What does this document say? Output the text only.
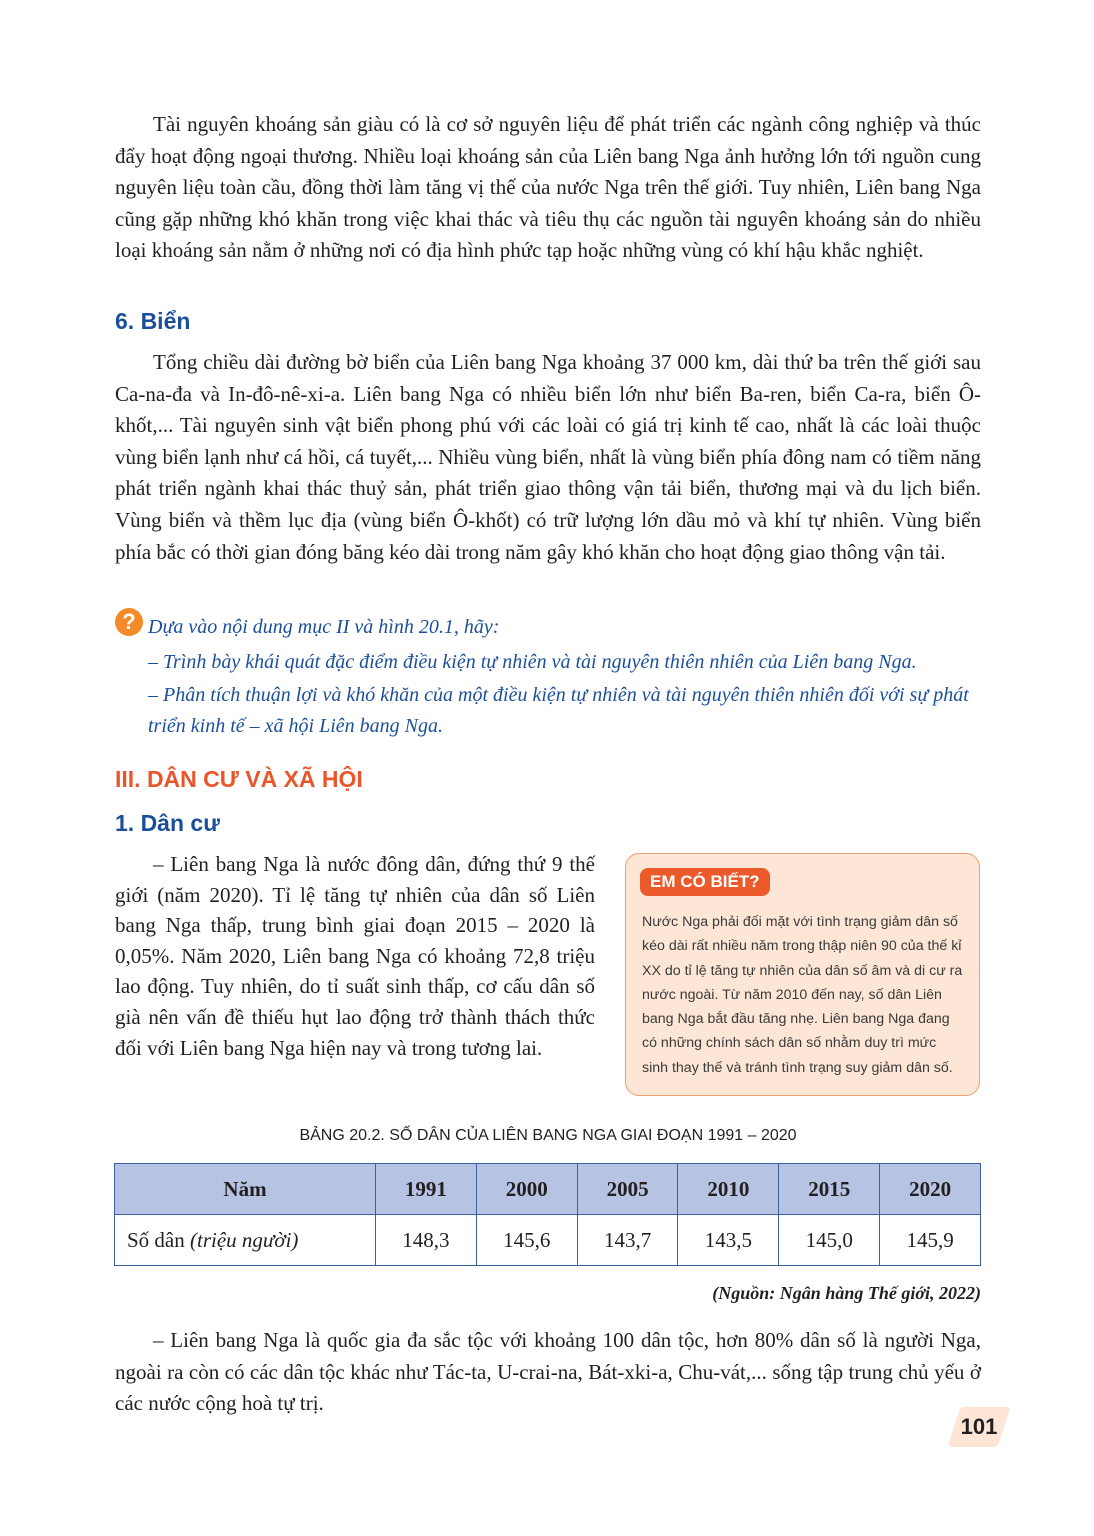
Tài nguyên khoáng sản giàu có là cơ sở nguyên liệu để phát triển các ngành công nghiệp và thúc đẩy hoạt động ngoại thương. Nhiều loại khoáng sản của Liên bang Nga ảnh hưởng lớn tới nguồn cung nguyên liệu toàn cầu, đồng thời làm tăng vị thế của nước Nga trên thế giới. Tuy nhiên, Liên bang Nga cũng gặp những khó khăn trong việc khai thác và tiêu thụ các nguồn tài nguyên khoáng sản do nhiều loại khoáng sản nằm ở những nơi có địa hình phức tạp hoặc những vùng có khí hậu khắc nghiệt.

6. Biển

Tổng chiều dài đường bờ biển của Liên bang Nga khoảng 37 000 km, dài thứ ba trên thế giới sau Ca-na-đa và In-đô-nê-xi-a. Liên bang Nga có nhiều biển lớn như biển Ba-ren, biển Ca-ra, biển Ô-khốt,... Tài nguyên sinh vật biển phong phú với các loài có giá trị kinh tế cao, nhất là các loài thuộc vùng biển lạnh như cá hồi, cá tuyết,... Nhiều vùng biển, nhất là vùng biển phía đông nam có tiềm năng phát triển ngành khai thác thuỷ sản, phát triển giao thông vận tải biển, thương mại và du lịch biển. Vùng biển và thềm lục địa (vùng biển Ô-khốt) có trữ lượng lớn dầu mỏ và khí tự nhiên. Vùng biển phía bắc có thời gian đóng băng kéo dài trong năm gây khó khăn cho hoạt động giao thông vận tải.

? Dựa vào nội dung mục II và hình 20.1, hãy:

– Trình bày khái quát đặc điểm điều kiện tự nhiên và tài nguyên thiên nhiên của Liên bang Nga.

– Phân tích thuận lợi và khó khăn của một điều kiện tự nhiên và tài nguyên thiên nhiên đối với sự phát triển kinh tế – xã hội Liên bang Nga.

III. DÂN CƯ VÀ XÃ HỘI
1. Dân cư

– Liên bang Nga là nước đông dân, đứng thứ 9 thế giới (năm 2020). Tỉ lệ tăng tự nhiên của dân số Liên bang Nga thấp, trung bình giai đoạn 2015 – 2020 là 0,05%. Năm 2020, Liên bang Nga có khoảng 72,8 triệu lao động. Tuy nhiên, do tỉ suất sinh thấp, cơ cấu dân số già nên vấn đề thiếu hụt lao động trở thành thách thức đối với Liên bang Nga hiện nay và trong tương lai.

EM CÓ BIẾT?

Nước Nga phải đối mặt với tình trạng giảm dân số kéo dài rất nhiều năm trong thập niên 90 của thế kỉ XX do tỉ lệ tăng tự nhiên của dân số âm và di cư ra nước ngoài. Từ năm 2010 đến nay, số dân Liên bang Nga bắt đầu tăng nhẹ. Liên bang Nga đang có những chính sách dân số nhằm duy trì mức sinh thay thế và tránh tình trạng suy giảm dân số.

BẢNG 20.2. SỐ DÂN CỦA LIÊN BANG NGA GIAI ĐOẠN 1991 – 2020

Năm	1991	2000	2005	2010	2015	2020
Số dân (triệu người)	148,3	145,6	143,7	143,5	145,0	145,9

(Nguồn: Ngân hàng Thế giới, 2022)

– Liên bang Nga là quốc gia đa sắc tộc với khoảng 100 dân tộc, hơn 80% dân số là người Nga, ngoài ra còn có các dân tộc khác như Tác-ta, U-crai-na, Bát-xki-a, Chu-vát,... sống tập trung chủ yếu ở các nước cộng hoà tự trị.

101
